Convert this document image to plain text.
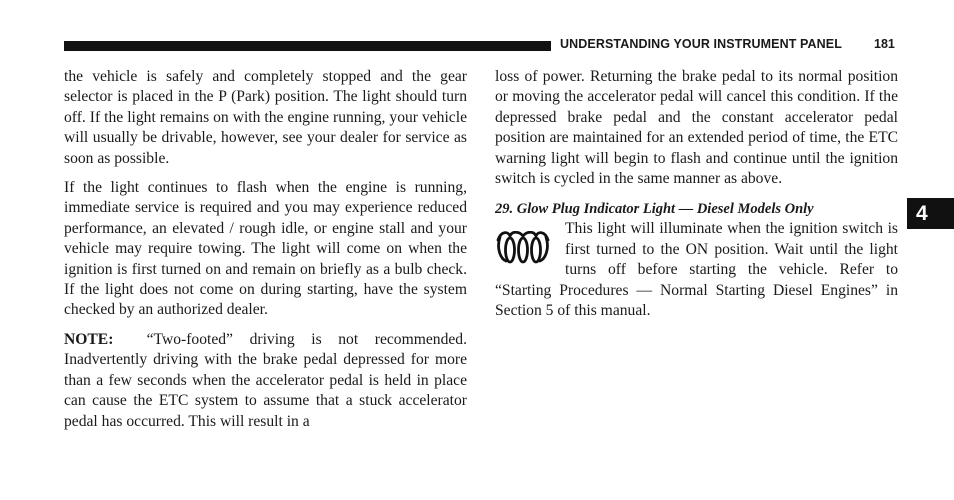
UNDERSTANDING YOUR INSTRUMENT PANEL	181

the vehicle is safely and completely stopped and the gear selector is placed in the P (Park) position. The light should turn off. If the light remains on with the engine running, your vehicle will usually be drivable, however, see your dealer for service as soon as possible.

If the light continues to flash when the engine is running, immediate service is required and you may experience reduced performance, an elevated / rough idle, or engine stall and your vehicle may require towing. The light will come on when the ignition is first turned on and remain on briefly as a bulb check. If the light does not come on during starting, have the system checked by an authorized dealer.

NOTE: “Two-footed” driving is not recommended. Inadvertently driving with the brake pedal depressed for more than a few seconds when the accelerator pedal is held in place can cause the ETC system to assume that a stuck accelerator pedal has occurred. This will result in a

loss of power. Returning the brake pedal to its normal position or moving the accelerator pedal will cancel this condition. If the depressed brake pedal and the constant accelerator pedal position are maintained for an extended period of time, the ETC warning light will begin to flash and continue until the ignition switch is cycled in the same manner as above.

29. Glow Plug Indicator Light — Diesel Models Only
This light will illuminate when the ignition switch is first turned to the ON position. Wait until the light turns off before starting the vehicle. Refer to “Starting Procedures — Normal Starting Diesel Engines” in Section 5 of this manual.
4
